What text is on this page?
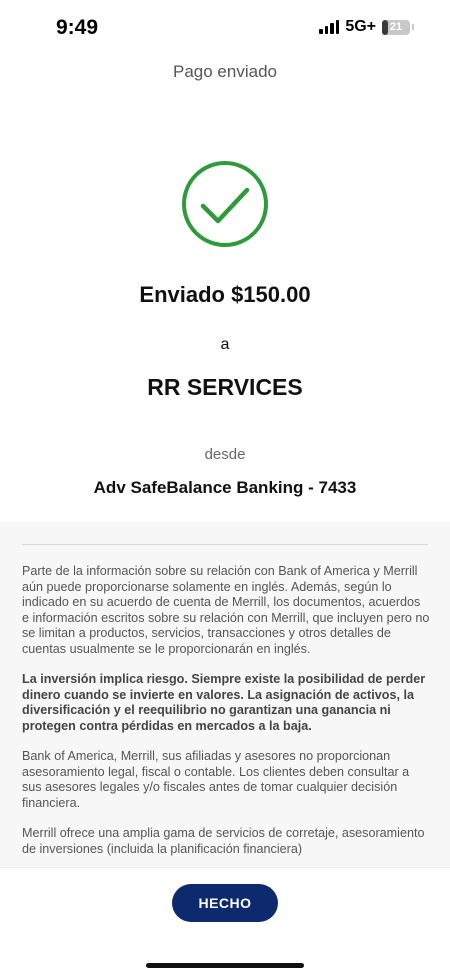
9:49	5G+ 21
Pago enviado
Enviado $150.00
a
RR SERVICES
desde
Adv SafeBalance Banking - 7433

Parte de la información sobre su relación con Bank of America y Merrill aún puede proporcionarse solamente en inglés. Además, según lo indicado en su acuerdo de cuenta de Merrill, los documentos, acuerdos e información escritos sobre su relación con Merrill, que incluyen pero no se limitan a productos, servicios, transacciones y otros detalles de cuentas usualmente se le proporcionarán en inglés.

La inversión implica riesgo. Siempre existe la posibilidad de perder dinero cuando se invierte en valores. La asignación de activos, la diversificación y el reequilibrio no garantizan una ganancia ni protegen contra pérdidas en mercados a la baja.

Bank of America, Merrill, sus afiliadas y asesores no proporcionan asesoramiento legal, fiscal o contable. Los clientes deben consultar a sus asesores legales y/o fiscales antes de tomar cualquier decisión financiera.

Merrill ofrece una amplia gama de servicios de corretaje, asesoramiento de inversiones (incluida la planificación financiera)

HECHO
